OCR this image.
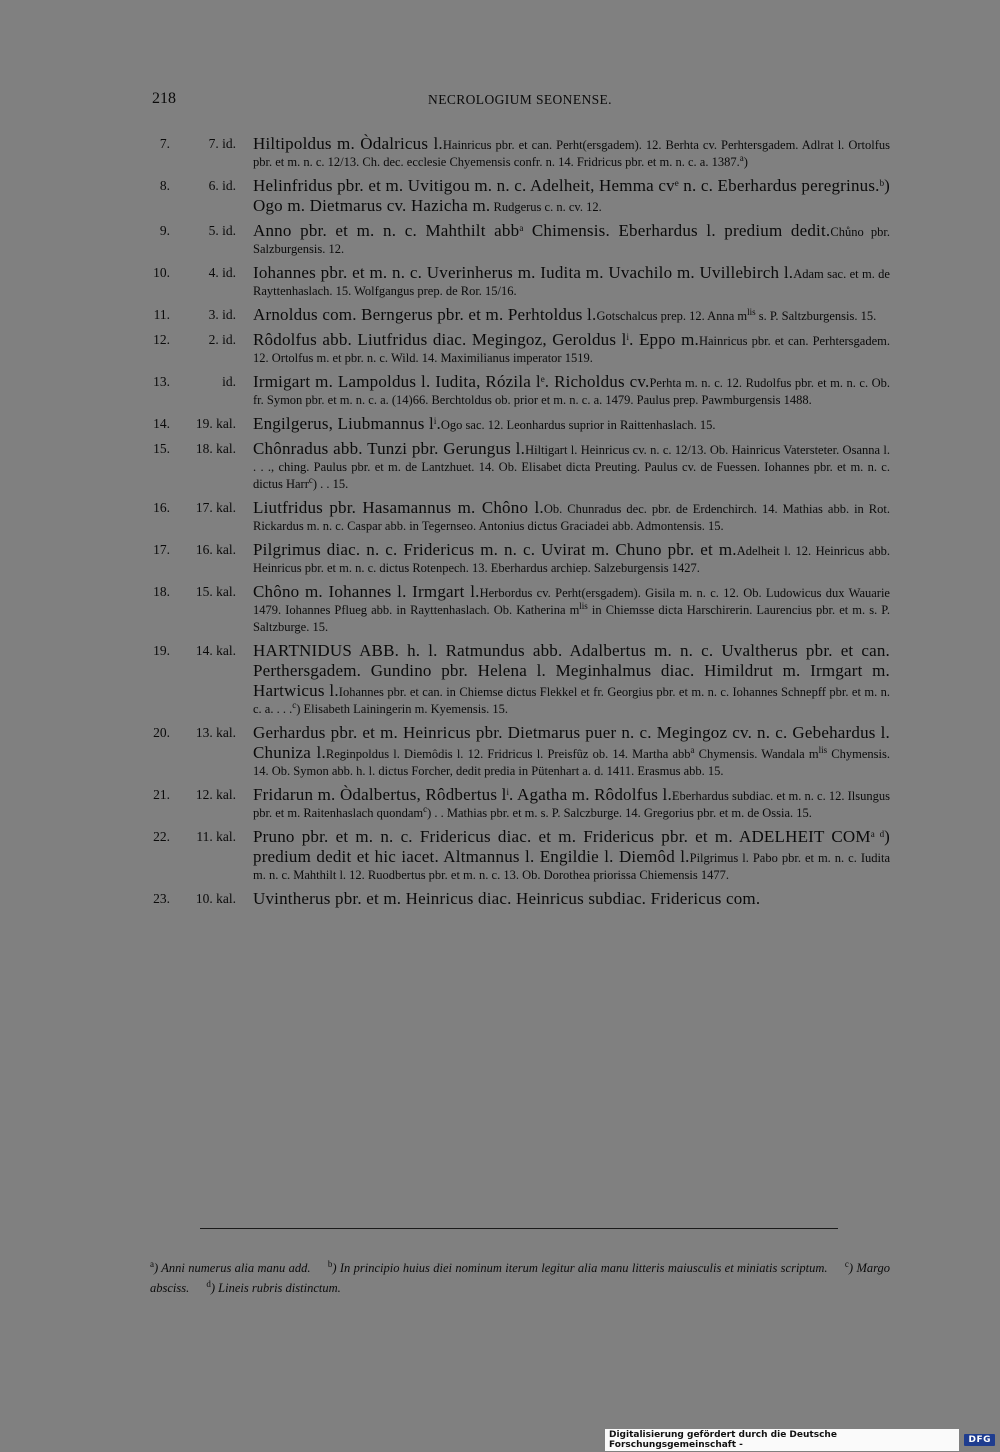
218	NECROLOGIUM SEONENSE.
7.	7. id. Hiltipoldus m. Òdalricus l.Hainricus pbr. et can. Perht(ersgadem). 12. Berhta cv. Perhtersgadem. Adlrat l. Ortolfus pbr. et m. n. c. 12/13. Ch. dec. ecclesie Chyemensis confr. n. 14. Fridricus pbr. et m. n. c. a. 1387.$^a$)
8.	6. id. Helinfridus pbr. et m. Uvitigou m. n. c. Adelheit, Hemma $cv^e$ n. c. Eberhardus peregrinus.$^b$) Ogo m. Dietmarus cv. Hazicha m. Rudgerus c. n. cv. 12.
9.	5. id. Anno pbr. et m. n. c. Mahthilt abb$^a$ Chimensis. Eberhardus l. predium dedit.Chůno pbr. Salzburgensis. 12.
10.	4. id. Iohannes pbr. et m. n. c. Uverinherus m. Iudita m. Uvachilo m. Uvillebirch l.Adam sac. et m. de Rayttenhaslach. 15. Wolfgangus prep. de Ror. 15/16.
11.	3. id. Arnoldus com. Berngerus pbr. et m. Perhtoldus l.Gotschalcus prep. 12. Anna $m^{lis}$ s. P. Saltzburgensis. 15.
12.	2. id. Rôdolfus abb. Liutfridus diac. Megingoz, Geroldus $l^i$. Eppo m.Hainricus pbr. et can. Perhtersgadem. 12. Ortolfus m. et pbr. n. c. Wild. 14. Maximilianus imperator 1519.
13.	id. Irmigart m. Lampoldus l. Iudita, Rózila $l^e$. Richoldus cv.Perhta m. n. c. 12. Rudolfus pbr. et m. n. c. Ob. fr. Symon pbr. et m. n. c. a. (14)66. Berchtoldus ob. prior et m. n. c. a. 1479. Paulus prep. Pawmburgensis 1488.
14.	19. kal. Engilgerus, Liubmannus $l^i.Ogo$ sac. 12. Leonhardus suprior in Raittenhaslach. 15.
15.	18. kal. Chônradus abb. Tunzi pbr. Gerungus l.Hiltigart l. Heinricus cv. n. c. 12/13. Ob. Hainricus Vatersteter. Osanna l. . . ., ching. Paulus pbr. et m. de Lantzhuet. 14. Ob. Elisabet dicta Preuting. Paulus cv. de Fuessen. Iohannes pbr. et m. n. c. dictus Harr$^c$) . . 15.
16.	17. kal. Liutfridus pbr. Hasamannus m. Chôno l.Ob. Chunradus dec. pbr. de Erdenchirch. 14. Mathias abb. in Rot. Rickardus m. n. c. Caspar abb. in Tegernseo. Antonius dictus Graciadei abb. Admontensis. 15.
17.	16. kal. Pilgrimus diac. n. c. Fridericus m. n. c. Uvirat m. Chuno pbr. et m.Adelheit l. 12. Heinricus abb. Heinricus pbr. et m. n. c. dictus Rotenpech. 13. Eberhardus archiep. Salzeburgensis 1427.
18.	15. kal. Chôno m. Iohannes l. Irmgart l.Herbordus cv. Perht(ersgadem). Gisila m. n. c. 12. Ob. Ludowicus dux Wauarie 1479. Iohannes Pflueg abb. in Rayttenhaslach. Ob. Katherina $m^{lis}$ in Chiemsse dicta Harschirerin. Laurencius pbr. et m. s. P. Saltzburge. 15.
19.	14. kal. HARTNIDUS ABB. h. l. Ratmundus abb. Adalbertus m. n. c. Uvaltherus pbr. et can. Perthersgadem. Gundino pbr. Helena l. Meginhalmus diac. Himildrut m. Irmgart m. Hartwicus l.Iohannes pbr. et can. in Chiemse dictus Flekkel et fr. Georgius pbr. et m. n. c. Iohannes Schnepff pbr. et m. n. c. a. . . .$^c$) Elisabeth Lainingerin m. Kyemensis. 15.
20.	13. kal. Gerhardus pbr. et m. Heinricus pbr. Dietmarus puer n. c. Megingoz cv. n. c. Gebehardus l. Chuniza l.Reginpoldus l. Diemôdis l. 12. Fridricus l. Preisfûz ob. 14. Martha abb$^a$ Chymensis. Wandala $m^{lis}$ Chymensis. 14. Ob. Symon abb. h. l. dictus Forcher, dedit predia in Pütenhart a. d. 1411. Erasmus abb. 15.
21.	12. kal. Fridarun m. Òdalbertus, Rôdbertus $l^i$. Agatha m. Rôdolfus l.Eberhardus subdiac. et m. n. c. 12. Ilsungus pbr. et m. Raitenhaslach quondam$^c$) . . Mathias pbr. et m. s. P. Salczburge. 14. Gregorius pbr. et m. de Ossia. 15.
22.	11. kal. Pruno pbr. et m. n. c. Fridericus diac. et m. Fridericus pbr. et m. ADELHEIT $COM^{a d}$) predium dedit et hic iacet. Altmannus l. Engildie l. Diemôd l.Pilgrimus l. Pabo pbr. et m. n. c. Iudita m. n. c. Mahthilt l. 12. Ruodbertus pbr. et m. n. c. 13. Ob. Dorothea priorissa Chiemensis 1477.
23.	10. kal. Uvintherus pbr. et m. Heinricus diac. Heinricus subdiac. Fridericus com.
$^a$) Anni numerus alia manu add. $^b$) In principio huius diei nominum iterum legitur alia manu litteris maiusculis et miniatis scriptum. $^c$) Margo absciss. $^d$) Lineis rubris distinctum.
Digitalisierung gefördert durch die Deutsche Forschungsgemeinschaft -	DFG
